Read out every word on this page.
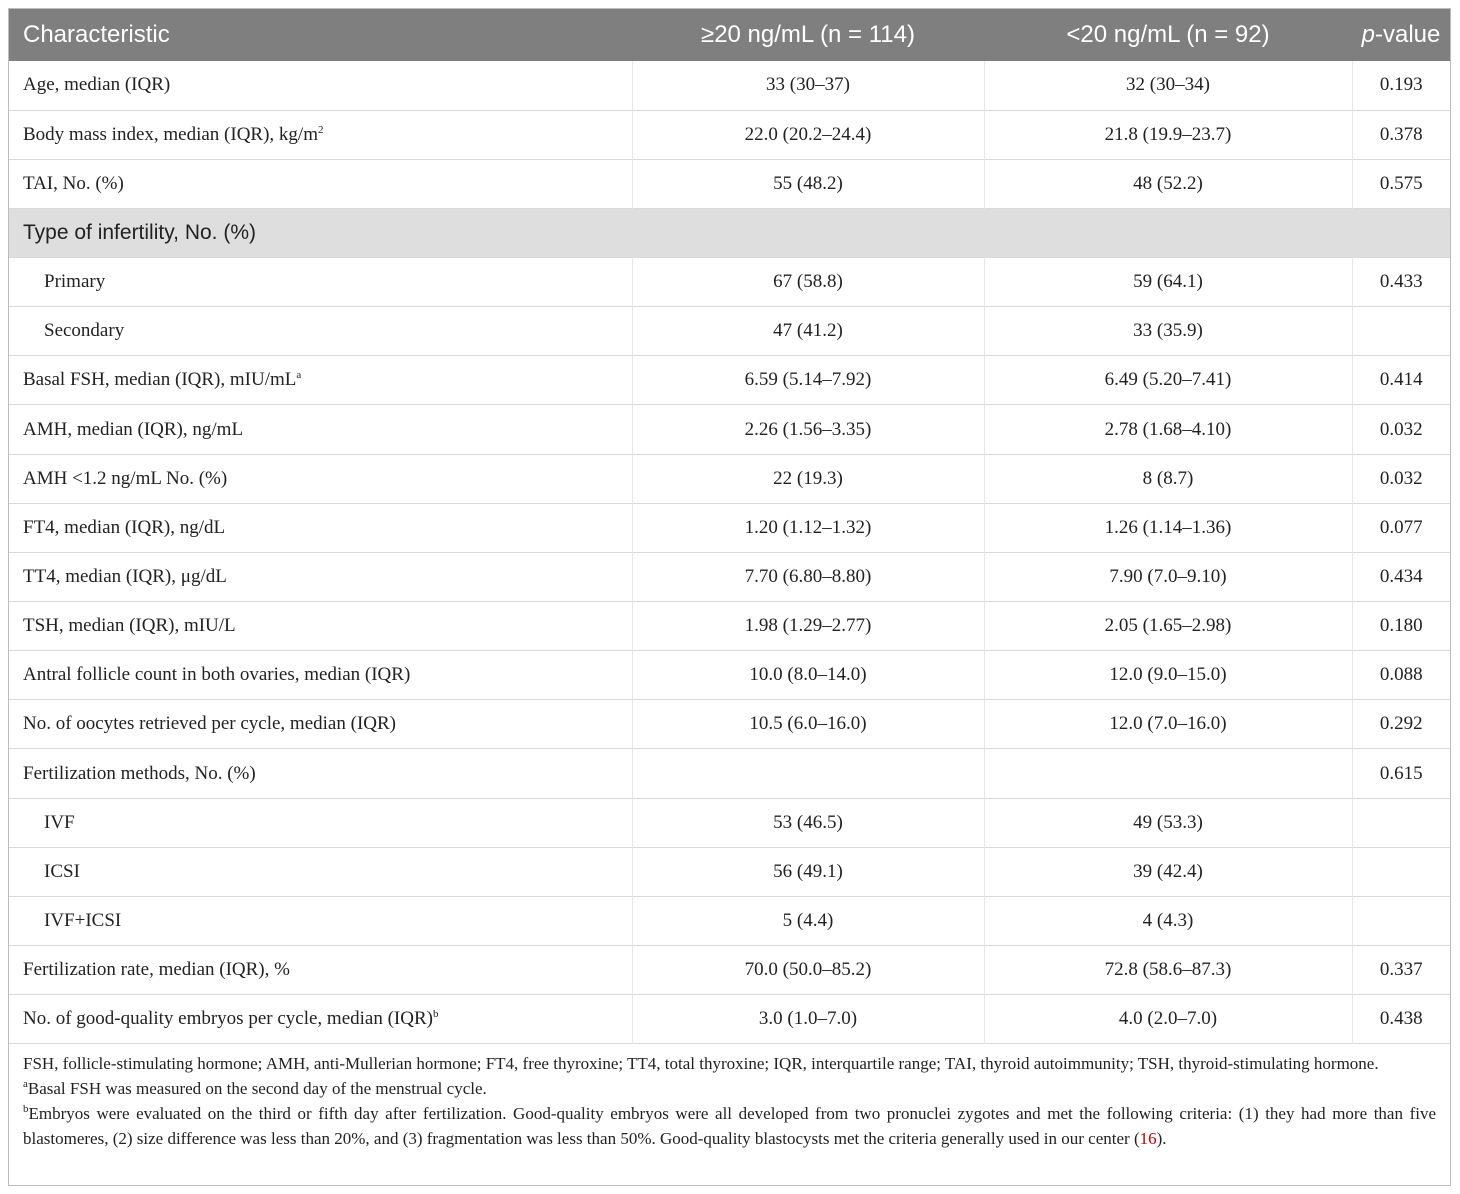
Characteristic	≥20 ng/mL (n = 114)	<20 ng/mL (n = 92)	p-value
Age, median (IQR)	33 (30–37)	32 (30–34)	0.193
Body mass index, median (IQR), $kg/m^2$	22.0 (20.2–24.4)	21.8 (19.9–23.7)	0.378
TAI, No. (%)	55 (48.2)	48 (52.2)	0.575
Type of infertility, No. (%)			
Primary	67 (58.8)	59 (64.1)	0.433
Secondary	47 (41.2)	33 (35.9)	
Basal FSH, median (IQR), mIU/$mL^a$	6.59 (5.14–7.92)	6.49 (5.20–7.41)	0.414
AMH, median (IQR), ng/mL	2.26 (1.56–3.35)	2.78 (1.68–4.10)	0.032
AMH <1.2 ng/mL No. (%)	22 (19.3)	8 (8.7)	0.032
FT4, median (IQR), ng/dL	1.20 (1.12–1.32)	1.26 (1.14–1.36)	0.077
TT4, median (IQR), μg/dL	7.70 (6.80–8.80)	7.90 (7.0–9.10)	0.434
TSH, median (IQR), mIU/L	1.98 (1.29–2.77)	2.05 (1.65–2.98)	0.180
Antral follicle count in both ovaries, median (IQR)	10.0 (8.0–14.0)	12.0 (9.0–15.0)	0.088
No. of oocytes retrieved per cycle, median (IQR)	10.5 (6.0–16.0)	12.0 (7.0–16.0)	0.292
Fertilization methods, No. (%)			0.615
IVF	53 (46.5)	49 (53.3)	
ICSI	56 (49.1)	39 (42.4)	
IVF+ICSI	5 (4.4)	4 (4.3)	
Fertilization rate, median (IQR), %	70.0 (50.0–85.2)	72.8 (58.6–87.3)	0.337
No. of good-quality embryos per cycle, median (IQR)$^b$	3.0 (1.0–7.0)	4.0 (2.0–7.0)	0.438

FSH, follicle-stimulating hormone; AMH, anti-Mullerian hormone; FT4, free thyroxine; TT4, total thyroxine; IQR, interquartile range; TAI, thyroid autoimmunity; TSH, thyroid-stimulating hormone.

$^a$Basal FSH was measured on the second day of the menstrual cycle.

$^b$Embryos were evaluated on the third or fifth day after fertilization. Good-quality embryos were all developed from two pronuclei zygotes and met the following criteria: (1) they had more than five blastomeres, (2) size difference was less than 20%, and (3) fragmentation was less than 50%. Good-quality blastocysts met the criteria generally used in our center (16).
